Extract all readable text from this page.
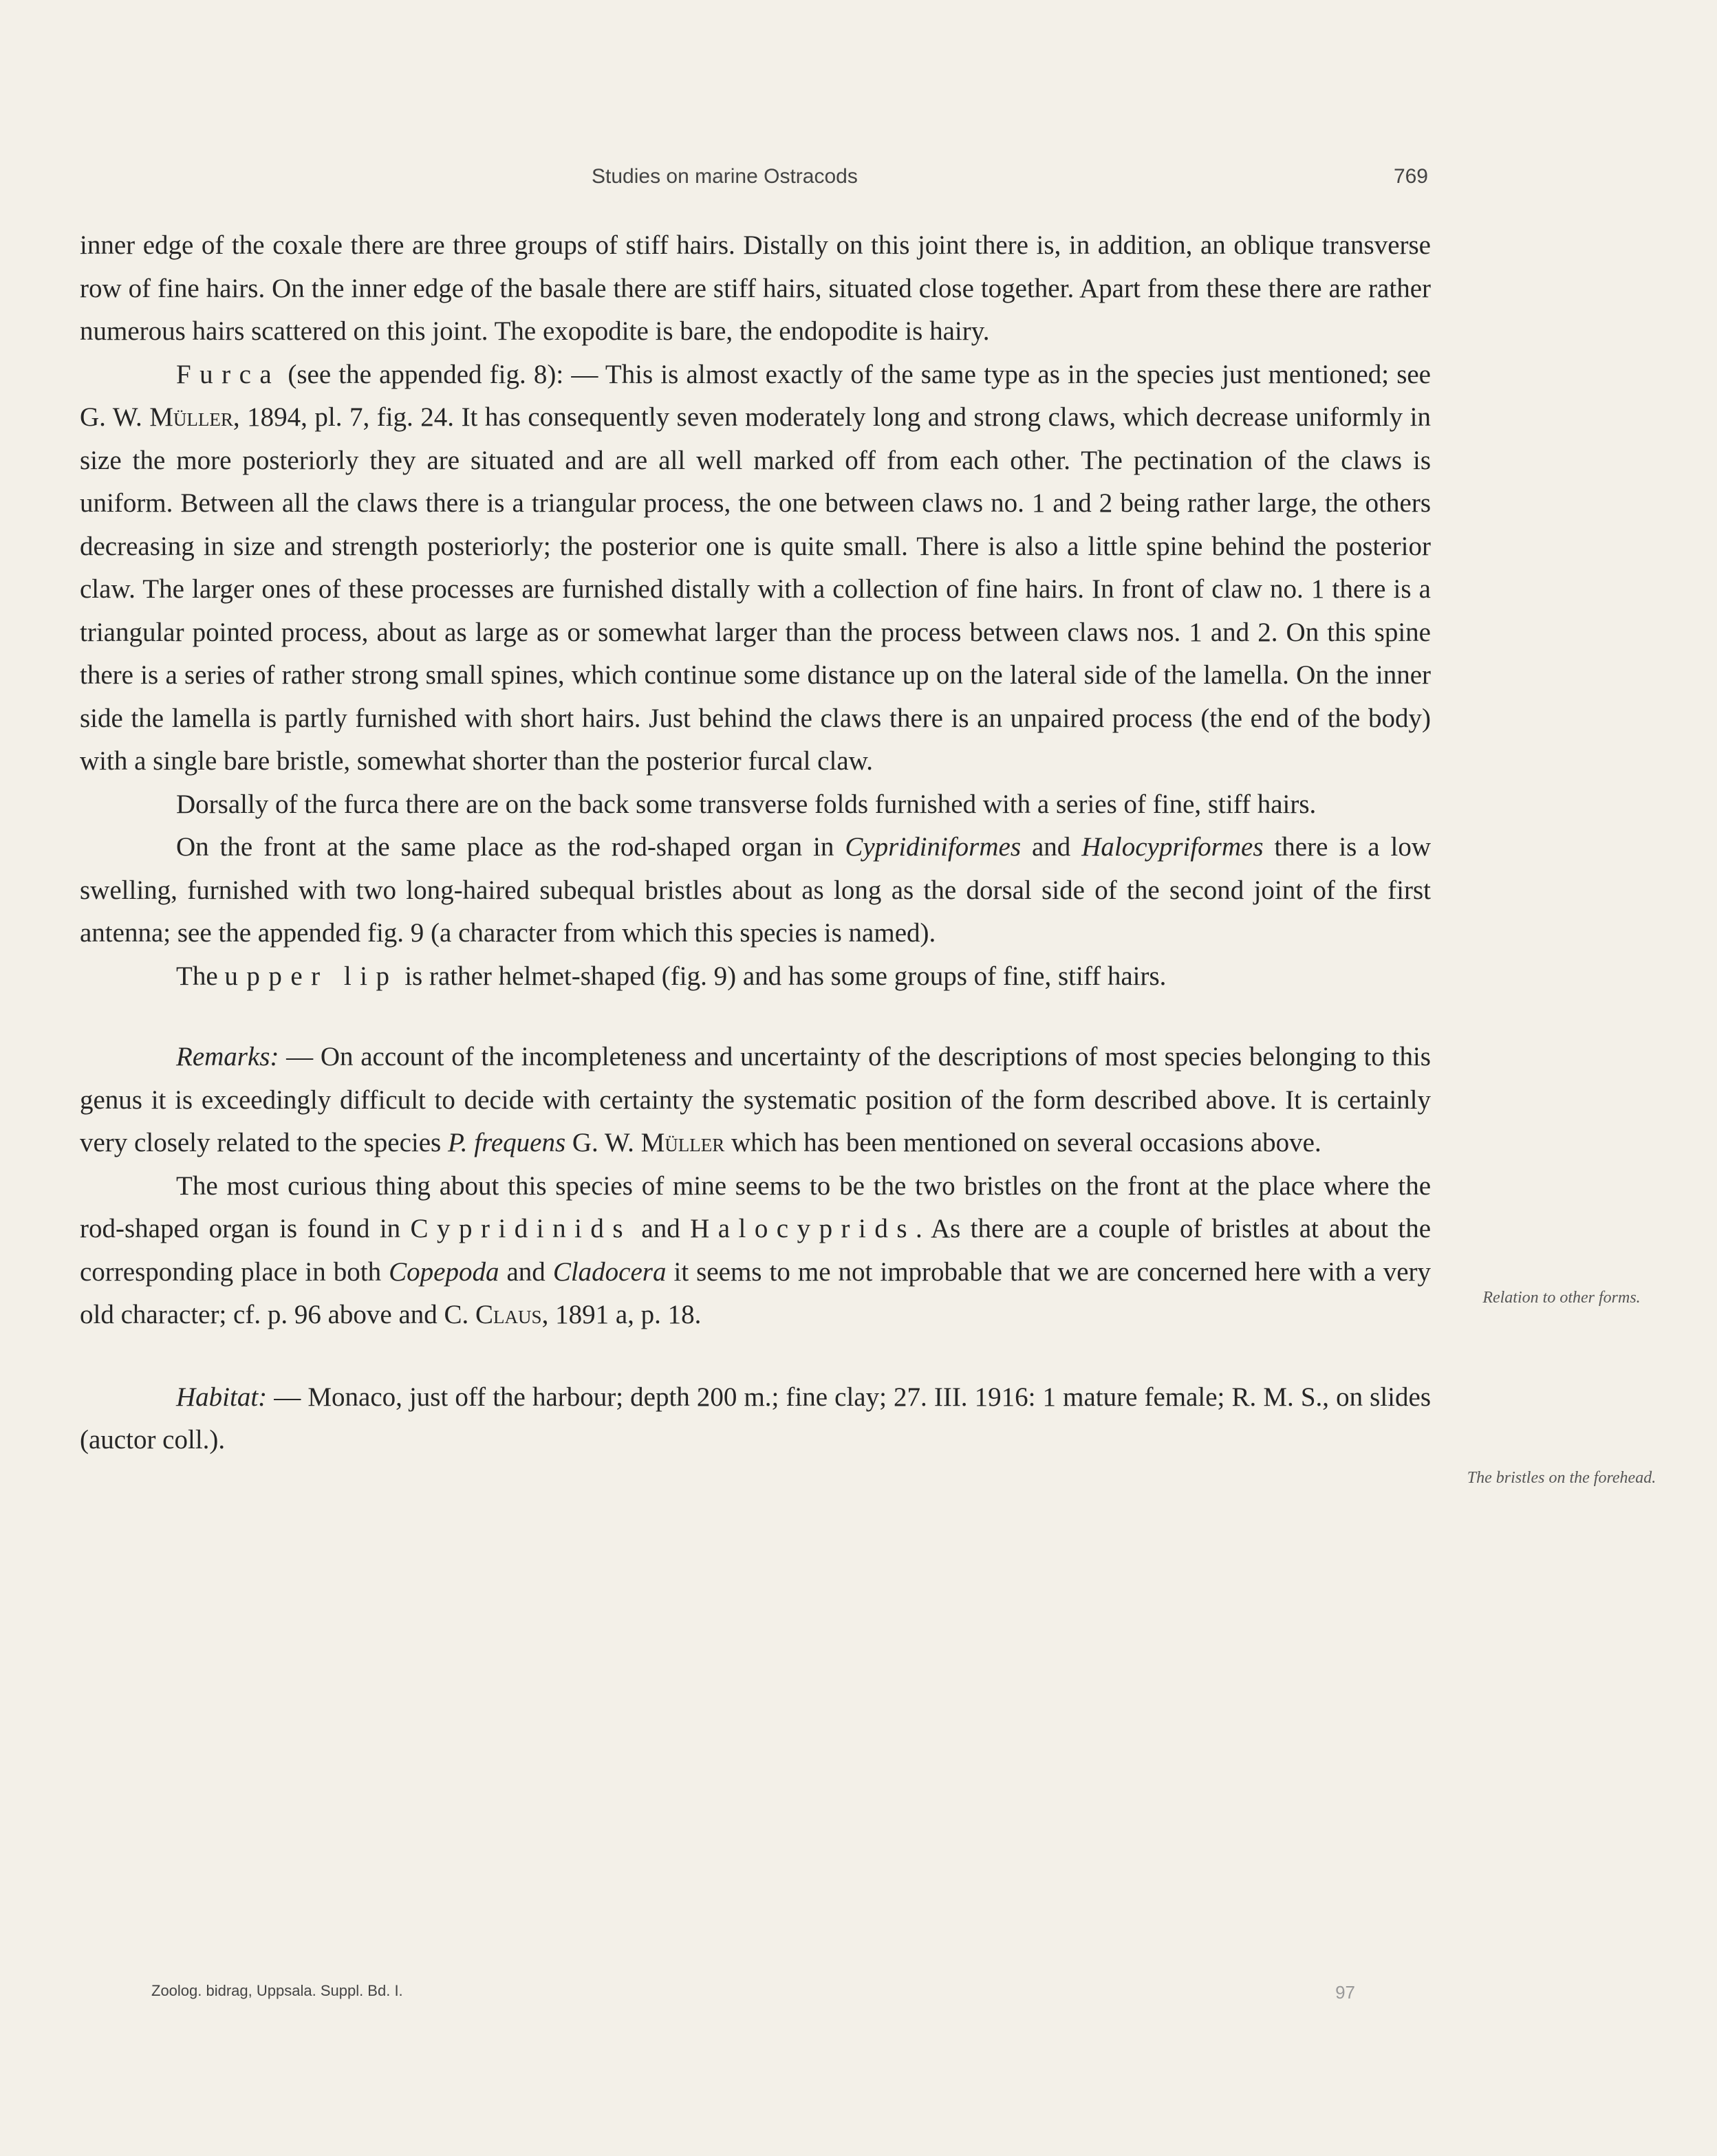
Studies on marine Ostracods	769

inner edge of the coxale there are three groups of stiff hairs. Distally on this joint there is, in addition, an oblique transverse row of fine hairs. On the inner edge of the basale there are stiff hairs, situated close together. Apart from these there are rather numerous hairs scattered on this joint. The exopodite is bare, the endopodite is hairy.

Furca (see the appended fig. 8): — This is almost exactly of the same type as in the species just mentioned; see G. W. Müller, 1894, pl. 7, fig. 24. It has consequently seven moderately long and strong claws, which decrease uniformly in size the more posteriorly they are situated and are all well marked off from each other. The pectination of the claws is uniform. Between all the claws there is a triangular process, the one between claws no. 1 and 2 being rather large, the others decreasing in size and strength posteriorly; the posterior one is quite small. There is also a little spine behind the posterior claw. The larger ones of these processes are furnished distally with a collection of fine hairs. In front of claw no. 1 there is a triangular pointed process, about as large as or somewhat larger than the process between claws nos. 1 and 2. On this spine there is a series of rather strong small spines, which continue some distance up on the lateral side of the lamella. On the inner side the lamella is partly furnished with short hairs. Just behind the claws there is an unpaired process (the end of the body) with a single bare bristle, somewhat shorter than the posterior furcal claw.

Dorsally of the furca there are on the back some transverse folds furnished with a series of fine, stiff hairs.

On the front at the same place as the rod-shaped organ in Cypridiniformes and Halocypriformes there is a low swelling, furnished with two long-haired subequal bristles about as long as the dorsal side of the second joint of the first antenna; see the appended fig. 9 (a character from which this species is named).

The upper lip is rather helmet-shaped (fig. 9) and has some groups of fine, stiff hairs.

Remarks: — On account of the incompleteness and uncertainty of the descriptions of most species belonging to this genus it is exceedingly difficult to decide with certainty the systematic position of the form described above. It is certainly very closely related to the species P. frequens G. W. Müller which has been mentioned on several occasions above.

The most curious thing about this species of mine seems to be the two bristles on the front at the place where the rod-shaped organ is found in Cypridinids and Halocyprids. As there are a couple of bristles at about the corresponding place in both Copepoda and Cladocera it seems to me not improbable that we are concerned here with a very old character; cf. p. 96 above and C. Claus, 1891 a, p. 18.

Habitat: — Monaco, just off the harbour; depth 200 m.; fine clay; 27. III. 1916: 1 mature female; R. M. S., on slides (auctor coll.).

Relation to other forms.
The bristles on the forehead.
Zoolog. bidrag, Uppsala. Suppl. Bd. I.	97
